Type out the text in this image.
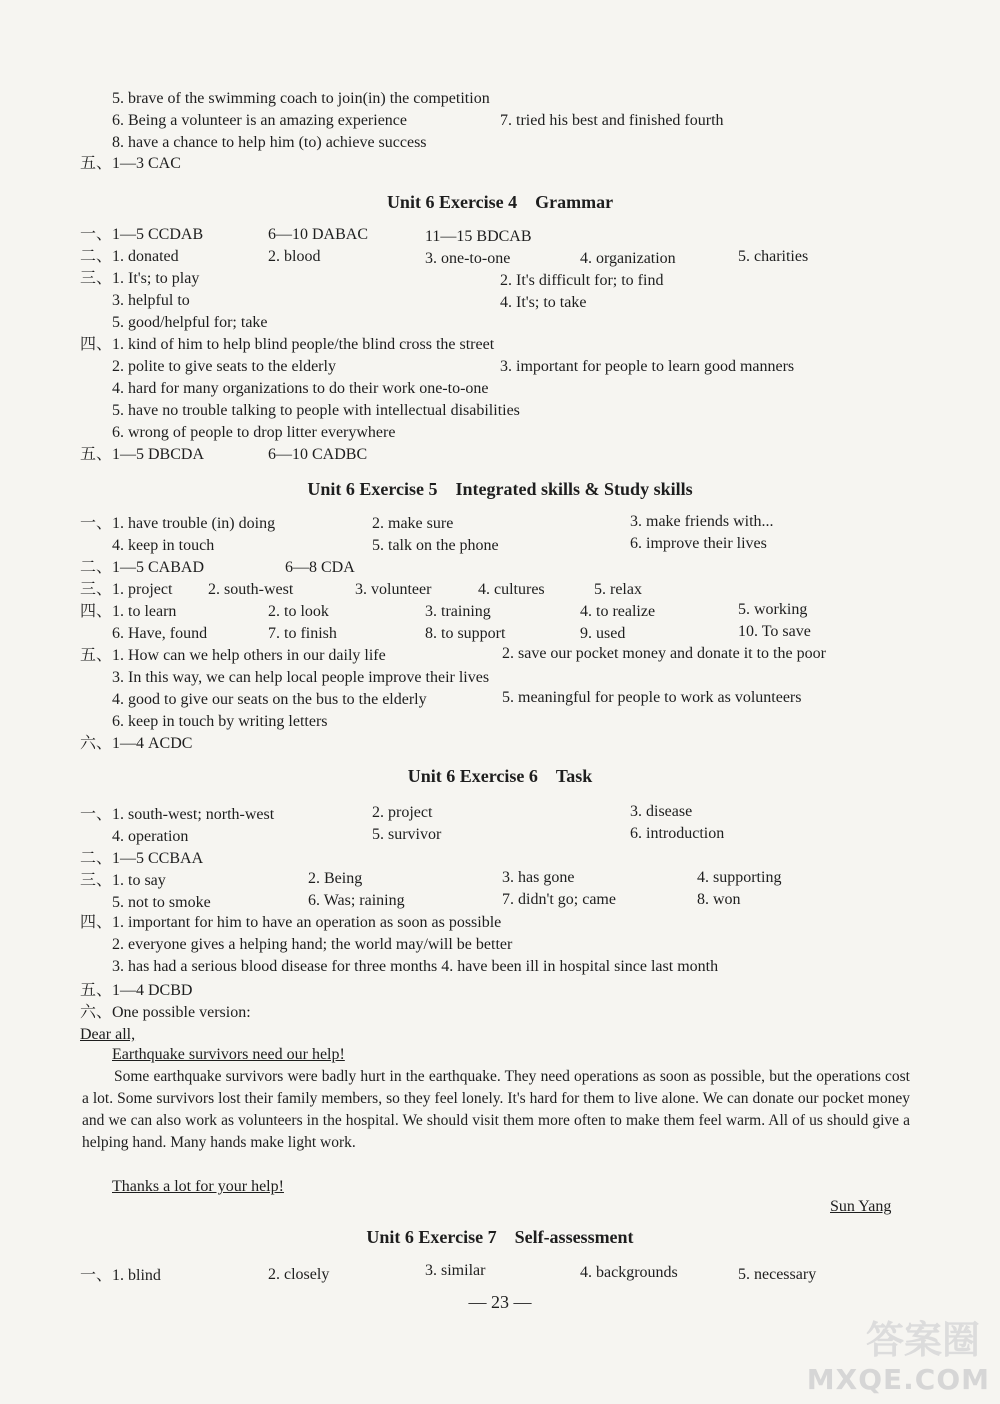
5. brave of the swimming coach to join(in) the competition
6. Being a volunteer is an amazing experience	7. tried his best and finished fourth
8. have a chance to help him (to) achieve success
五、1—3 CAC
Unit 6 Exercise 4　Grammar
一、1—5 CCDAB	6—10 DABAC	11—15 BDCAB
二、1. donated	2. blood	3. one-to-one	4. organization	5. charities
三、1. It's; to play	2. It's difficult for; to find
3. helpful to	4. It's; to take
5. good/helpful for; take
四、1. kind of him to help blind people/the blind cross the street
2. polite to give seats to the elderly	3. important for people to learn good manners
4. hard for many organizations to do their work one-to-one
5. have no trouble talking to people with intellectual disabilities
6. wrong of people to drop litter everywhere
五、1—5 DBCDA	6—10 CADBC
Unit 6 Exercise 5　Integrated skills & Study skills
一、1. have trouble (in) doing	2. make sure	3. make friends with...
4. keep in touch	5. talk on the phone	6. improve their lives
二、1—5 CABAD	6—8 CDA
三、1. project 2. south-west	3. volunteer	4. cultures	5. relax
四、1. to learn	2. to look	3. training	4. to realize	5. working
6. Have, found	7. to finish	8. to support	9. used	10. To save
五、1. How can we help others in our daily life	2. save our pocket money and donate it to the poor
3. In this way, we can help local people improve their lives
4. good to give our seats on the bus to the elderly	5. meaningful for people to work as volunteers
6. keep in touch by writing letters
六、1—4 ACDC
Unit 6 Exercise 6　Task
一、1. south-west; north-west	2. project	3. disease
4. operation	5. survivor	6. introduction
二、1—5 CCBAA
三、1. to say	2. Being	3. has gone	4. supporting
5. not to smoke	6. Was; raining	7. didn't go; came	8. won
四、1. important for him to have an operation as soon as possible
2. everyone gives a helping hand; the world may/will be better
3. has had a serious blood disease for three months 4. have been ill in hospital since last month
五、1—4 DCBD
六、One possible version:
Dear all,
Earthquake survivors need our help!
Some earthquake survivors were badly hurt in the earthquake. They need operations as soon as possible, but the operations cost a lot. Some survivors lost their family members, so they feel lonely. It's hard for them to live alone. We can donate our pocket money and we can also work as volunteers in the hospital. We should visit them more often to make them feel warm. All of us should give a helping hand. Many hands make light work.
Thanks a lot for your help!
Sun Yang
Unit 6 Exercise 7　Self-assessment
一、1. blind	2. closely	3. similar	4. backgrounds	5. necessary
— 23 —
答案圈
MXQE.COM
